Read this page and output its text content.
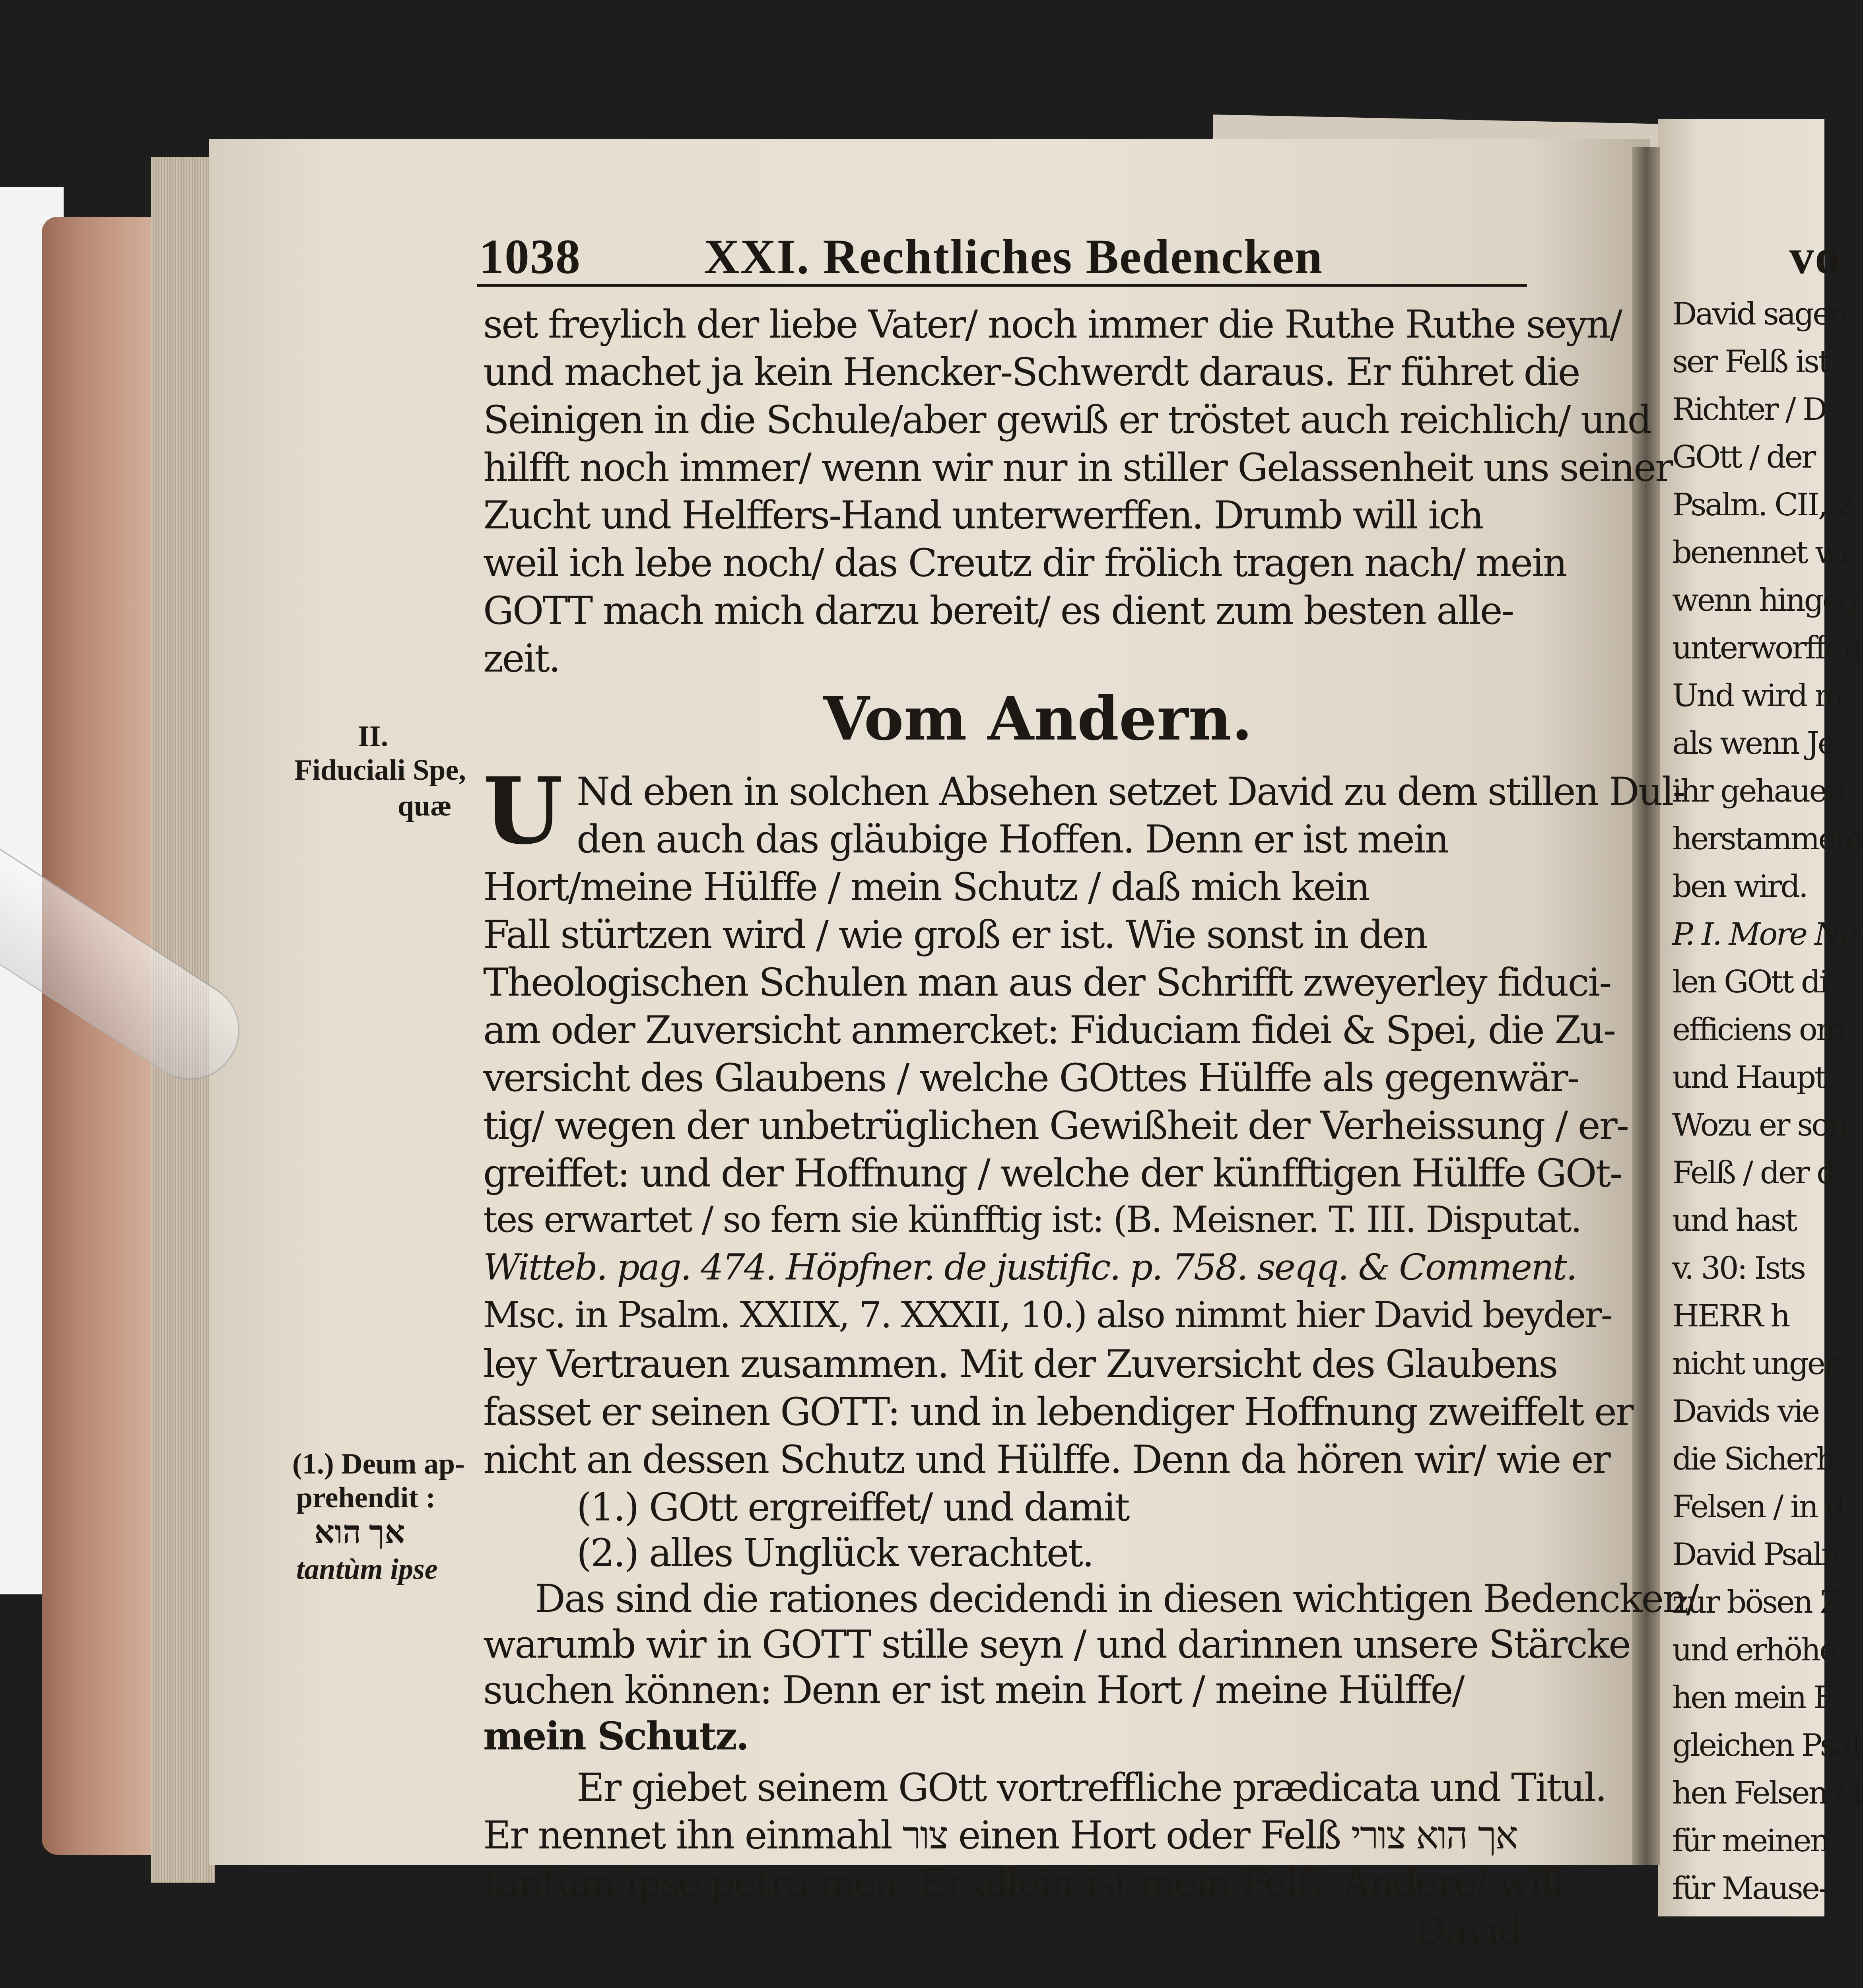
1038 XXI. Rechtliches Bedencken	vo
set freylich der liebe Vater/ noch immer die Ruthe Ruthe seyn/
und machet ja kein Hencker-Schwerdt daraus. Er führet die
Seinigen in die Schule/aber gewiß er tröstet auch reichlich/ und
hilfft noch immer/ wenn wir nur in stiller Gelassenheit uns seiner
Zucht und Helffers-Hand unterwerffen. Drumb will ich
weil ich lebe noch/ das Creutz dir frölich tragen nach/ mein
GOTT mach mich darzu bereit/ es dient zum besten alle-
zeit.
Vom Andern.
U Nd eben in solchen Absehen setzet David zu dem stillen Dul-
den auch das gläubige Hoffen. Denn er ist mein
Hort/meine Hülffe / mein Schutz / daß mich kein
Fall stürtzen wird / wie groß er ist. Wie sonst in den
Theologischen Schulen man aus der Schrifft zweyerley fiduci-
am oder Zuversicht anmercket: Fiduciam fidei & Spei, die Zu-
versicht des Glaubens / welche GOttes Hülffe als gegenwär-
tig/ wegen der unbetrüglichen Gewißheit der Verheissung / er-
greiffet: und der Hoffnung / welche der künfftigen Hülffe GOt-
tes erwartet / so fern sie künfftig ist: (B. Meisner. T. III. Disputat.
Witteb. pag. 474. Höpfner. de justific. p. 758. seqq. & Comment.
Msc. in Psalm. XXIIX, 7. XXXII, 10.) also nimmt hier David beyder-
ley Vertrauen zusammen. Mit der Zuversicht des Glaubens
fasset er seinen GOTT: und in lebendiger Hoffnung zweiffelt er
nicht an dessen Schutz und Hülffe. Denn da hören wir/ wie er
(1.) GOtt ergreiffet/ und damit
(2.) alles Unglück verachtet.
Das sind die rationes decidendi in diesen wichtigen Bedencken/
warumb wir in GOTT stille seyn / und darinnen unsere Stärcke
suchen können: Denn er ist mein Hort / meine Hülffe/
mein Schutz.
Er giebet seinem GOtt vortreffliche prædicata und Titul.
Er nennet ihn einmahl צור einen Hort oder Felß אך הוא צורי
tantùm ipse petra mea: Er allein ist mein Felß. Andere/ will
David
II.
Fiduciali Spe,
quæ
(1.) Deum ap-
prehendit :
אך הוא
tantùm ipse
David sagen
ser Felß ist
Richter / D
GOtt / der
Psalm. CII, 2
benennet wi
wenn hingeg
unterworffen
Und wird m
als wenn Je
ihr gehauen
herstammete
ben wird.
P. I. More Ne
len GOtt di
efficiens om
und Haupt
Wozu er son
Felß / der d
und hast
v. 30: Ists
HERR h
nicht unger
Davids vie
die Sicherh
Felsen / in d
David Psaln
zur bösen Z
und erhöhe
hen mein F
gleichen Psal
hen Felsen / t
für meinen
für Mause-
